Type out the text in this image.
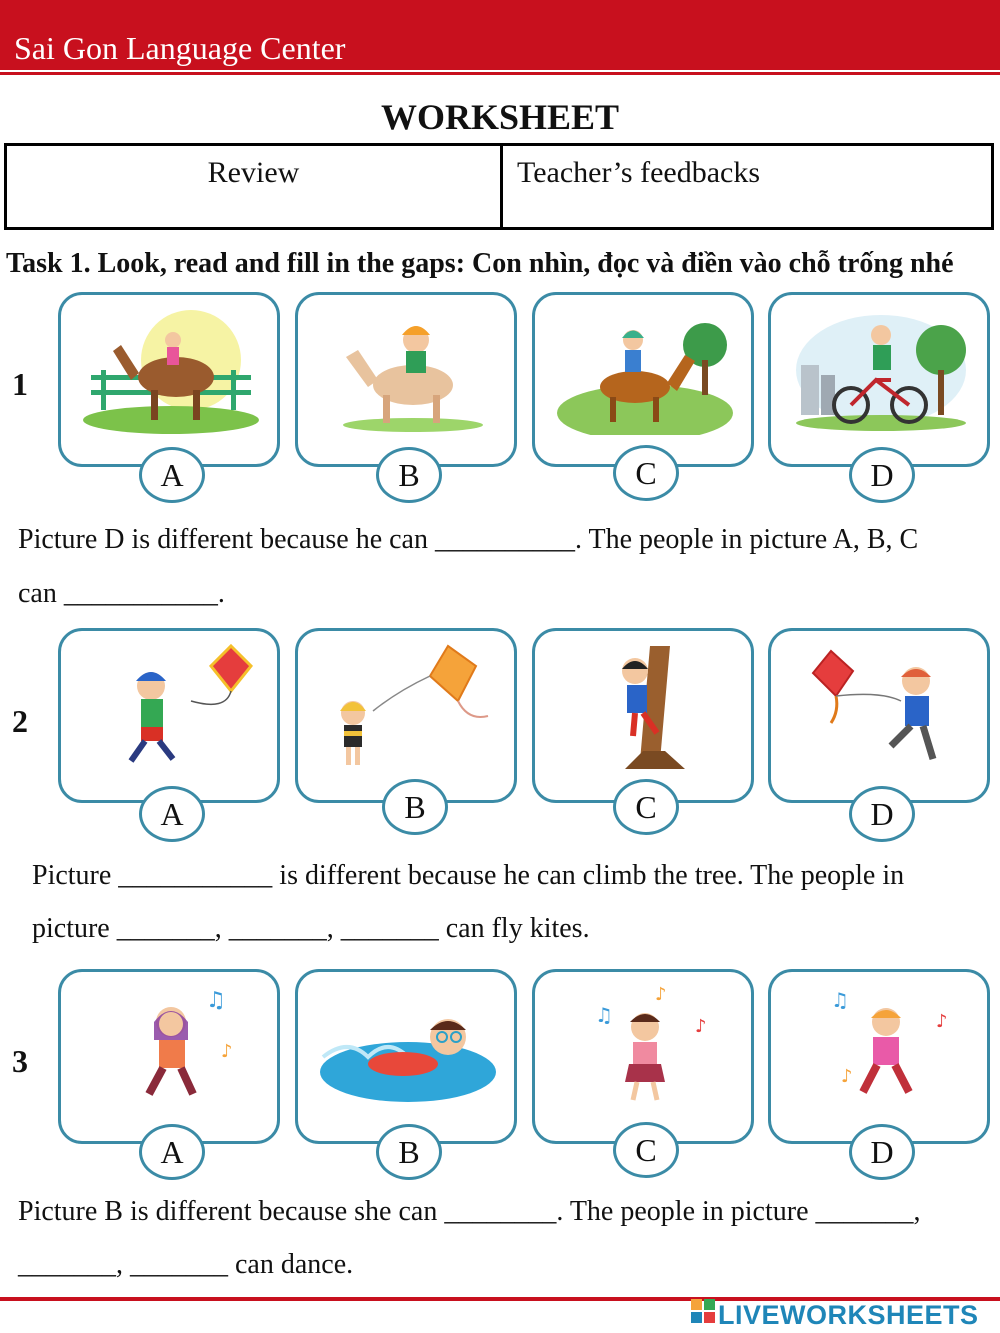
Sai Gon Language Center
WORKSHEET
Review	Teacher’s feedbacks
Task 1. Look, read and fill in the gaps: Con nhìn, đọc và điền vào chỗ trống nhé
1
A	B	C	D
Picture D is different because he can __________. The people in picture A, B, C
can ___________.
2
A	B	C	D
Picture ___________ is different because he can climb the tree. The people in
picture _______, _______, _______ can fly kites.
3
♫
♪
A	B
♫
♪
♪
C
♫
♪
♪
D
Picture B is different because she can ________. The people in picture _______,
_______, _______ can dance.
LIVEWORKSHEETS
